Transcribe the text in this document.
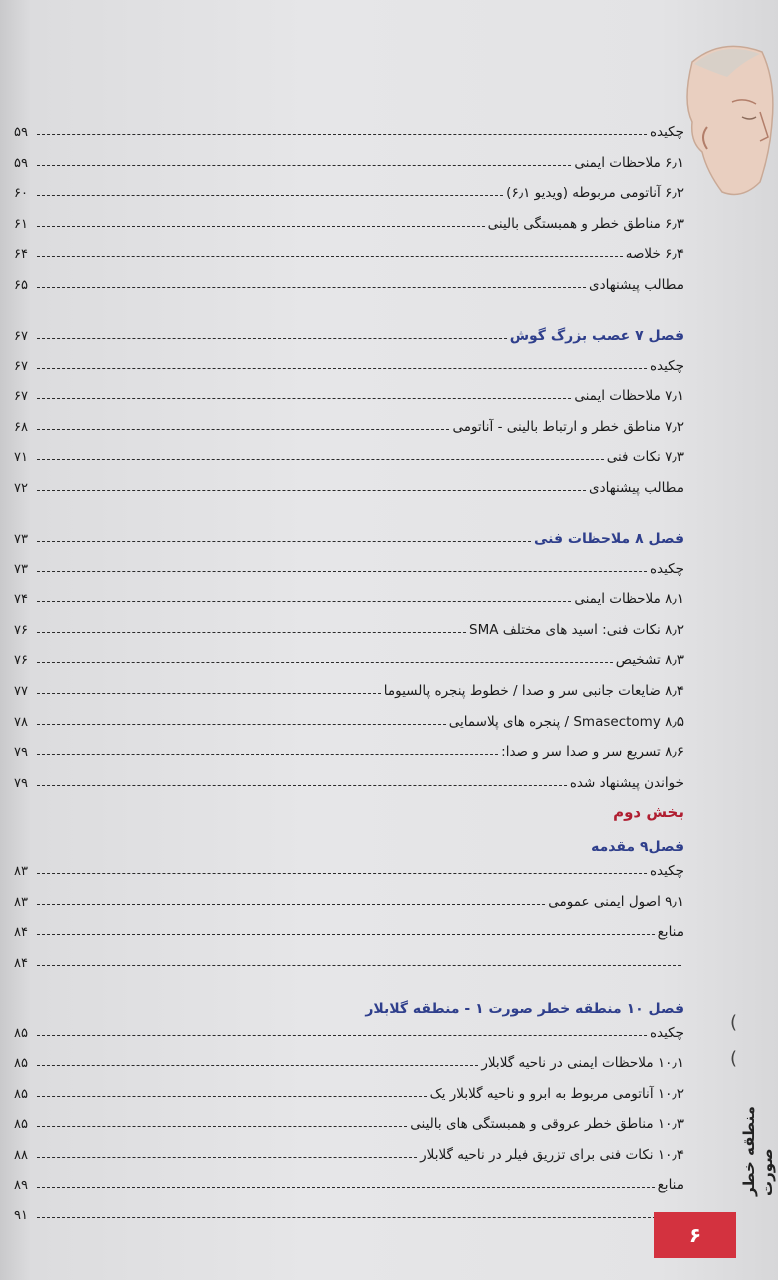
چکیده
۵۹
۶٫۱ ملاحظات ایمنی
۵۹
۶٫۲ آناتومی مربوطه (ویدیو ۶٫۱)
۶۰
۶٫۳ مناطق خطر و همبستگی بالینی
۶۱
۶٫۴ خلاصه
۶۴
مطالب پیشنهادی
۶۵
فصل ۷ عصب بزرگ گوش
۶۷
چکیده
۶۷
۷٫۱ ملاحظات ایمنی
۶۷
۷٫۲ مناطق خطر و ارتباط بالینی - آناتومی
۶۸
۷٫۳ نکات فنی
۷۱
مطالب پیشنهادی
۷۲
فصل ۸ ملاحظات فنی
۷۳
چکیده
۷۳
۸٫۱ ملاحظات ایمنی
۷۴
۸٫۲ نکات فنی: اسید های مختلف SMA
۷۶
۸٫۳ تشخیص
۷۶
۸٫۴ ضایعات جانبی سر و صدا / خطوط پنجره پالسیوما
۷۷
۸٫۵ Smasectomy / پنجره های پلاسمایی
۷۸
۸٫۶ تسریع سر و صدا سر و صدا:
۷۹
خواندن پیشنهاد شده
۷۹
فصل۹ مقدمه
چکیده
۸۳
۹٫۱ اصول ایمنی عمومی
۸۳
منابع
۸۴
۸۴
فصل ۱۰ منطقه خطر صورت ۱ - منطقه گلابلار
چکیده
۸۵
۱۰٫۱ ملاحظات ایمنی در ناحیه گلابلار
۸۵
۱۰٫۲ آناتومی مربوط به ابرو و ناحیه گلابلار یک
۸۵
۱۰٫۳ مناطق خطر عروقی و همبستگی های بالینی
۸۵
۱۰٫۴ نکات فنی برای تزریق فیلر در ناحیه گلابلار
۸۸
منابع
۸۹
۹۱
(
(
منطقه خطر صورت
۶
بخش دوم
